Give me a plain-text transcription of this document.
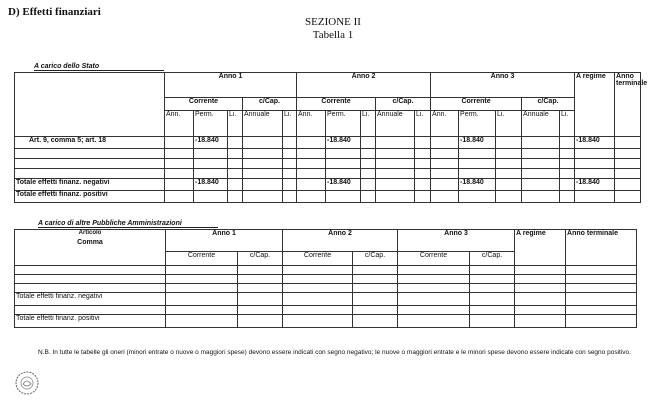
D) Effetti finanziari
SEZIONE II
Tabella 1
A carico dello Stato
	Anno 1					Anno 2					Anno 3					A regime	Anno terminale
	Corrente			c/Cap.		Corrente			c/Cap.		Corrente			c/Cap.			
	Ann.	Perm.	Li.	Annuale	Li.	Ann.	Perm.	Li.	Annuale	Li.	Ann.	Perm.	Li.	Annuale	Li.		
Art. 9, comma 5; art. 18		-18.840					-18.840					-18.840				-18.840	

Totale effetti finanz. negativi		-18.840					-18.840					-18.840				-18.840	
Totale effetti finanz. positivi																	
A carico di altre Pubbliche Amministrazioni
Articolo
Comma	Anno 1		Anno 2		Anno 3		A regime	Anno terminale
	Corrente	c/Cap.	Corrente	c/Cap.	Corrente	c/Cap.		

Totale effetti finanz. negativi								

Totale effetti finanz. positivi								
N.B. In tutte le tabelle gli oneri (minori entrate o nuove o maggiori spese) devono essere indicati con segno negativo; le nuove o maggiori entrate e le minori spese devono essere indicate con segno positivo.
